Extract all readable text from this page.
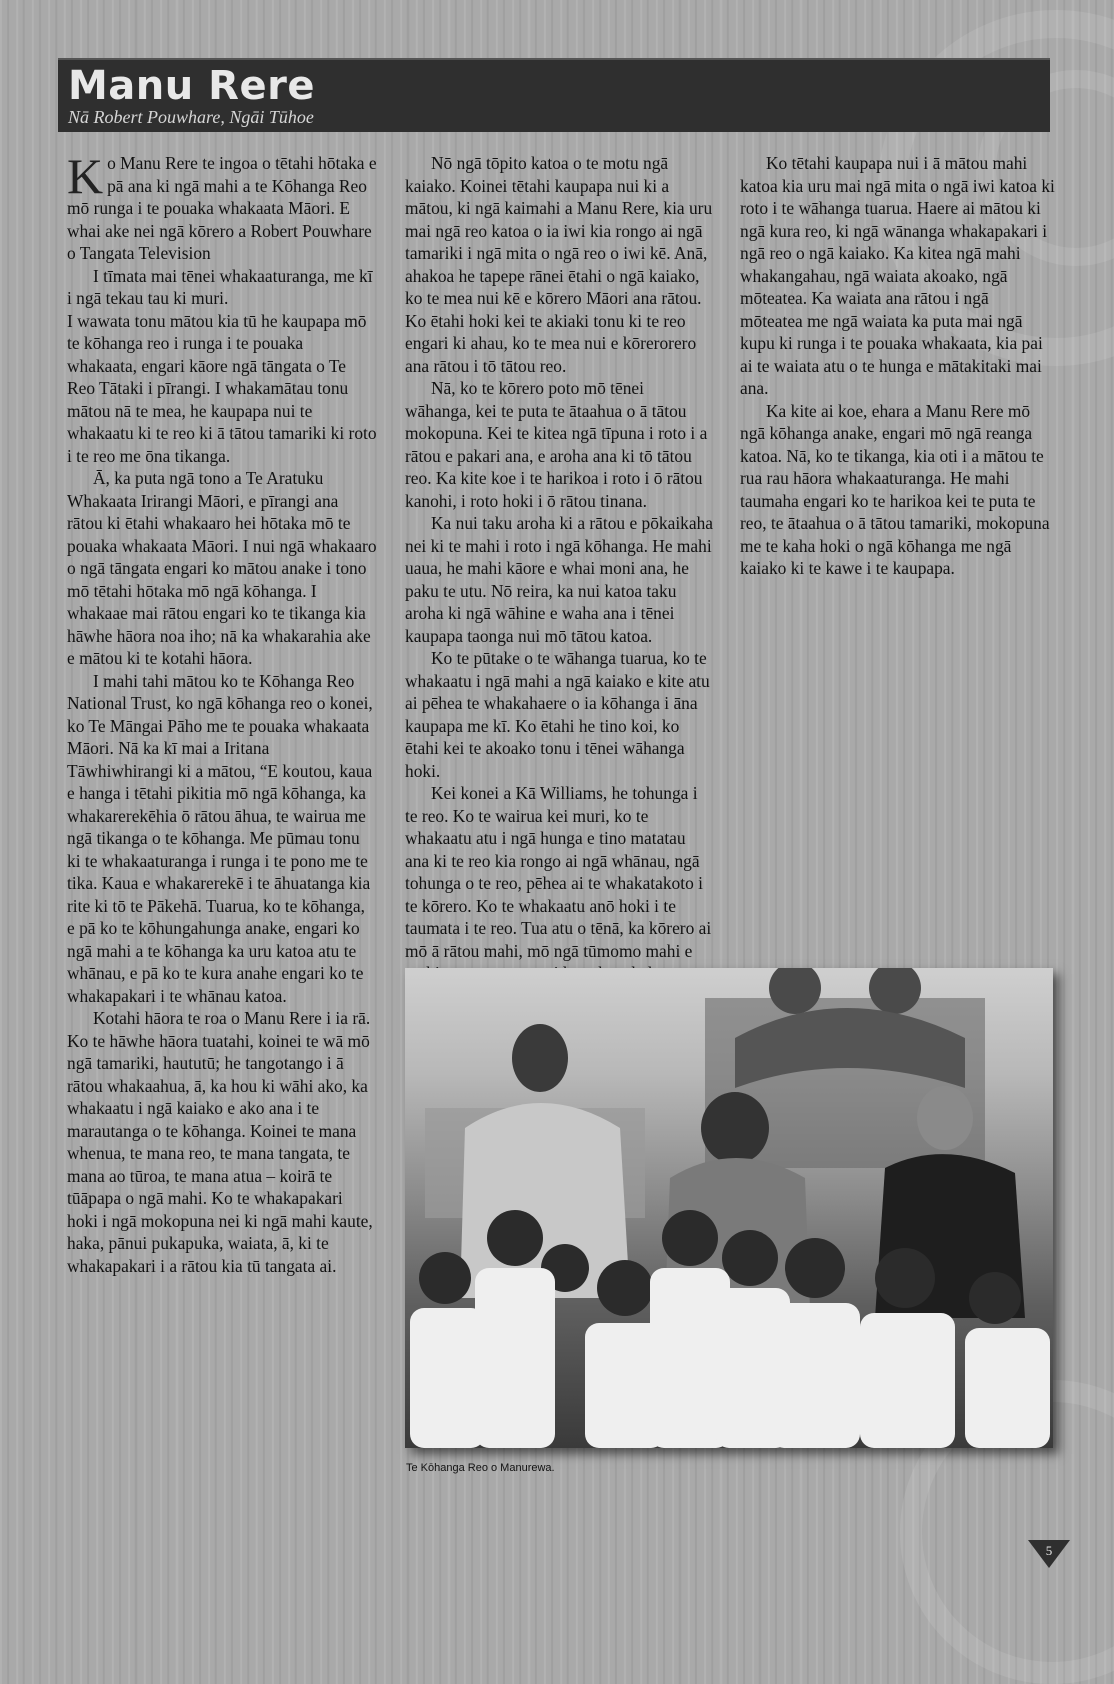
Manu Rere
Nā Robert Pouwhare, Ngāi Tūhoe

Ko Manu Rere te ingoa o tētahi hōtaka e pā ana ki ngā mahi a te Kōhanga Reo mō runga i te pouaka whakaata Māori. E whai ake nei ngā kōrero a Robert Pouwhare o Tangata Television

I tīmata mai tēnei whakaaturanga, me kī i ngā tekau tau ki muri.

I wawata tonu mātou kia tū he kaupapa mō te kōhanga reo i runga i te pouaka whakaata, engari kāore ngā tāngata o Te Reo Tātaki i pīrangi. I whakamātau tonu mātou nā te mea, he kaupapa nui te whakaatu ki te reo ki ā tātou tamariki ki roto i te reo me ōna tikanga.

Ā, ka puta ngā tono a Te Aratuku Whakaata Irirangi Māori, e pīrangi ana rātou ki ētahi whakaaro hei hōtaka mō te pouaka whakaata Māori. I nui ngā whakaaro o ngā tāngata engari ko mātou anake i tono mō tētahi hōtaka mō ngā kōhanga. I whakaae mai rātou engari ko te tikanga kia hāwhe hāora noa iho; nā ka whakarahia ake e mātou ki te kotahi hāora.

I mahi tahi mātou ko te Kōhanga Reo National Trust, ko ngā kōhanga reo o konei, ko Te Māngai Pāho me te pouaka whakaata Māori. Nā ka kī mai a Iritana Tāwhiwhirangi ki a mātou, “E koutou, kaua e hanga i tētahi pikitia mō ngā kōhanga, ka whakarerekēhia ō rātou āhua, te wairua me ngā tikanga o te kōhanga. Me pūmau tonu ki te whakaaturanga i runga i te pono me te tika. Kaua e whakarerekē i te āhuatanga kia rite ki tō te Pākehā. Tuarua, ko te kōhanga, e pā ko te kōhungahunga anake, engari ko ngā mahi a te kōhanga ka uru katoa atu te whānau, e pā ko te kura anahe engari ko te whakapakari i te whānau katoa.

Kotahi hāora te roa o Manu Rere i ia rā. Ko te hāwhe hāora tuatahi, koinei te wā mō ngā tamariki, haututū; he tangotango i ā rātou whakaahua, ā, ka hou ki wāhi ako, ka whakaatu i ngā kaiako e ako ana i te marautanga o te kōhanga. Koinei te mana whenua, te mana reo, te mana tangata, te mana ao tūroa, te mana atua – koirā te tūāpapa o ngā mahi. Ko te whakapakari hoki i ngā mokopuna nei ki ngā mahi kaute, haka, pānui pukapuka, waiata, ā, ki te whakapakari i a rātou kia tū tangata ai.

Nō ngā tōpito katoa o te motu ngā kaiako. Koinei tētahi kaupapa nui ki a mātou, ki ngā kaimahi a Manu Rere, kia uru mai ngā reo katoa o ia iwi kia rongo ai ngā tamariki i ngā mita o ngā reo o iwi kē. Anā, ahakoa he tapepe rānei ētahi o ngā kaiako, ko te mea nui kē e kōrero Māori ana rātou. Ko ētahi hoki kei te akiaki tonu ki te reo engari ki ahau, ko te mea nui e kōrerorero ana rātou i tō tātou reo.

Nā, ko te kōrero poto mō tēnei wāhanga, kei te puta te ātaahua o ā tātou mokopuna. Kei te kitea ngā tīpuna i roto i a rātou e pakari ana, e aroha ana ki tō tātou reo. Ka kite koe i te harikoa i roto i ō rātou kanohi, i roto hoki i ō rātou tinana.

Ka nui taku aroha ki a rātou e pōkaikaha nei ki te mahi i roto i ngā kōhanga. He mahi uaua, he mahi kāore e whai moni ana, he paku te utu. Nō reira, ka nui katoa taku aroha ki ngā wāhine e waha ana i tēnei kaupapa taonga nui mō tātou katoa.

Ko te pūtake o te wāhanga tuarua, ko te whakaatu i ngā mahi a ngā kaiako e kite atu ai pēhea te whakahaere o ia kōhanga i āna kaupapa me kī. Ko ētahi he tino koi, ko ētahi kei te akoako tonu i tēnei wāhanga hoki.

Kei konei a Kā Williams, he tohunga i te reo. Ko te wairua kei muri, ko te whakaatu atu i ngā hunga e tino matatau ana ki te reo kia rongo ai ngā whānau, ngā tohunga o te reo, pēhea ai te whakatakoto i te kōrero. Ko te whakaatu anō hoki i te taumata i te reo. Tua atu o tēnā, ka kōrero ai mō ā rātou mahi, mō ngā tūmomo mahi e

Ko tētahi kaupapa nui i ā mātou mahi katoa kia uru mai ngā mita o ngā iwi katoa ki roto i te wāhanga tuarua. Haere ai mātou ki ngā kura reo, ki ngā wānanga whakapakari i ngā reo o ngā kaiako. Ka kitea ngā mahi whakangahau, ngā waiata akoako, ngā mōteatea. Ka waiata ana rātou i ngā mōteatea me ngā waiata ka puta mai ngā kupu ki runga i te pouaka whakaata, kia pai ai te waiata atu o te hunga e mātakitaki mai ana.

Ka kite ai koe, ehara a Manu Rere mō ngā kōhanga anake, engari mō ngā reanga katoa. Nā, ko te tikanga, kia oti i a mātou te rua rau hāora whakaaturanga. He mahi taumaha engari ko te harikoa kei te puta te reo, te ātaahua o ā tātou tamariki, mokopuna me te kaha hoki o ngā kōhanga me ngā kaiako ki te kawe i te kaupapa.

Te Kōhanga Reo o Manurewa.
5
